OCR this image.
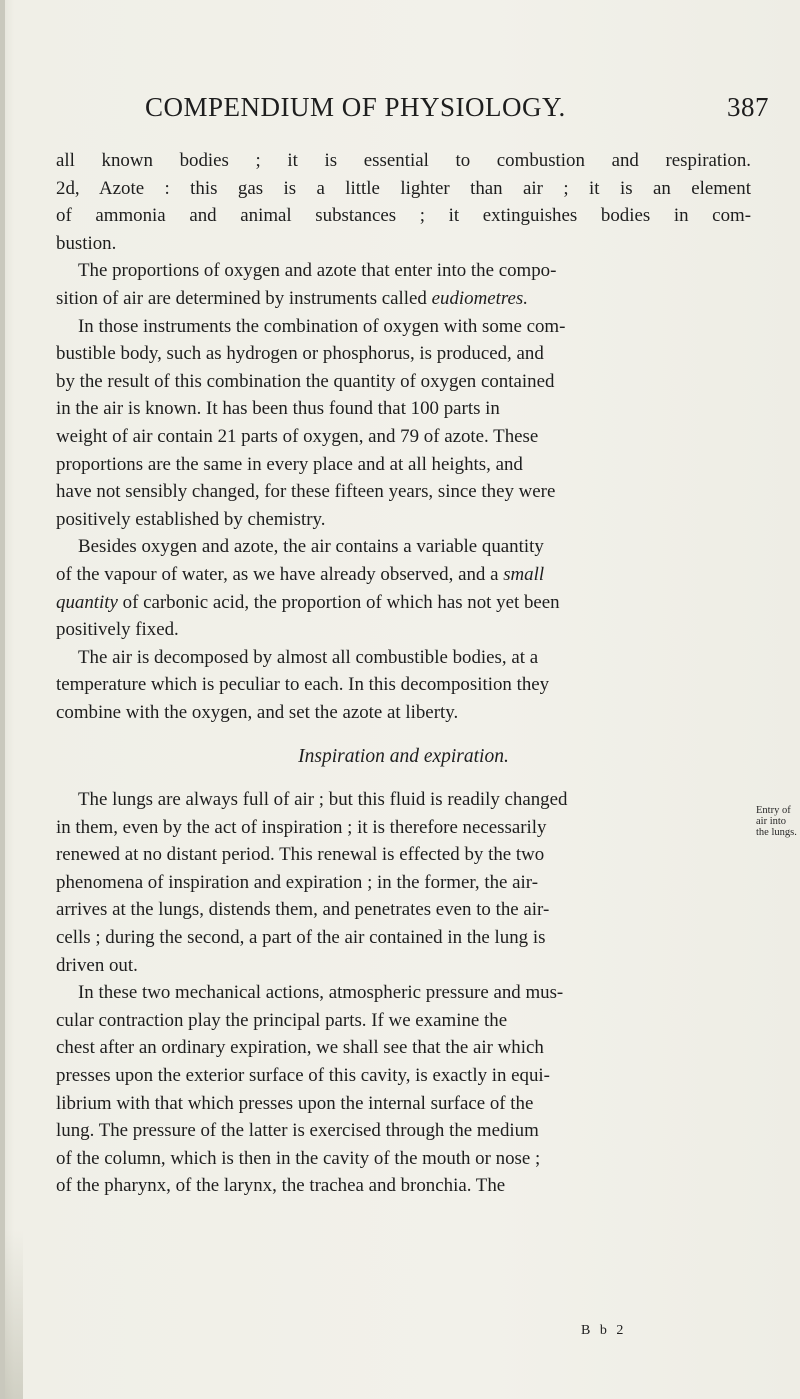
COMPENDIUM OF PHYSIOLOGY.	387

all known bodies ; it is essential to combustion and respiration.
2d, Azote : this gas is a little lighter than air ; it is an element
of ammonia and animal substances ; it extinguishes bodies in com-
bustion.

The proportions of oxygen and azote that enter into the compo-
sition of air are determined by instruments called eudiometres.

In those instruments the combination of oxygen with some com-
bustible body, such as hydrogen or phosphorus, is produced, and
by the result of this combination the quantity of oxygen contained
in the air is known. It has been thus found that 100 parts in
weight of air contain 21 parts of oxygen, and 79 of azote. These
proportions are the same in every place and at all heights, and
have not sensibly changed, for these fifteen years, since they were
positively established by chemistry.

Besides oxygen and azote, the air contains a variable quantity
of the vapour of water, as we have already observed, and a small
quantity of carbonic acid, the proportion of which has not yet been
positively fixed.

The air is decomposed by almost all combustible bodies, at a
temperature which is peculiar to each. In this decomposition they
combine with the oxygen, and set the azote at liberty.

Inspiration and expiration.

The lungs are always full of air ; but this fluid is readily changed
in them, even by the act of inspiration ; it is therefore necessarily
renewed at no distant period. This renewal is effected by the two
phenomena of inspiration and expiration ; in the former, the air-
arrives at the lungs, distends them, and penetrates even to the air-
cells ; during the second, a part of the air contained in the lung is
driven out.

In these two mechanical actions, atmospheric pressure and mus-
cular contraction play the principal parts. If we examine the
chest after an ordinary expiration, we shall see that the air which
presses upon the exterior surface of this cavity, is exactly in equi-
librium with that which presses upon the internal surface of the
lung. The pressure of the latter is exercised through the medium
of the column, which is then in the cavity of the mouth or nose ;
of the pharynx, of the larynx, the trachea and bronchia. The

Entry of
air into
the lungs.
B b 2
